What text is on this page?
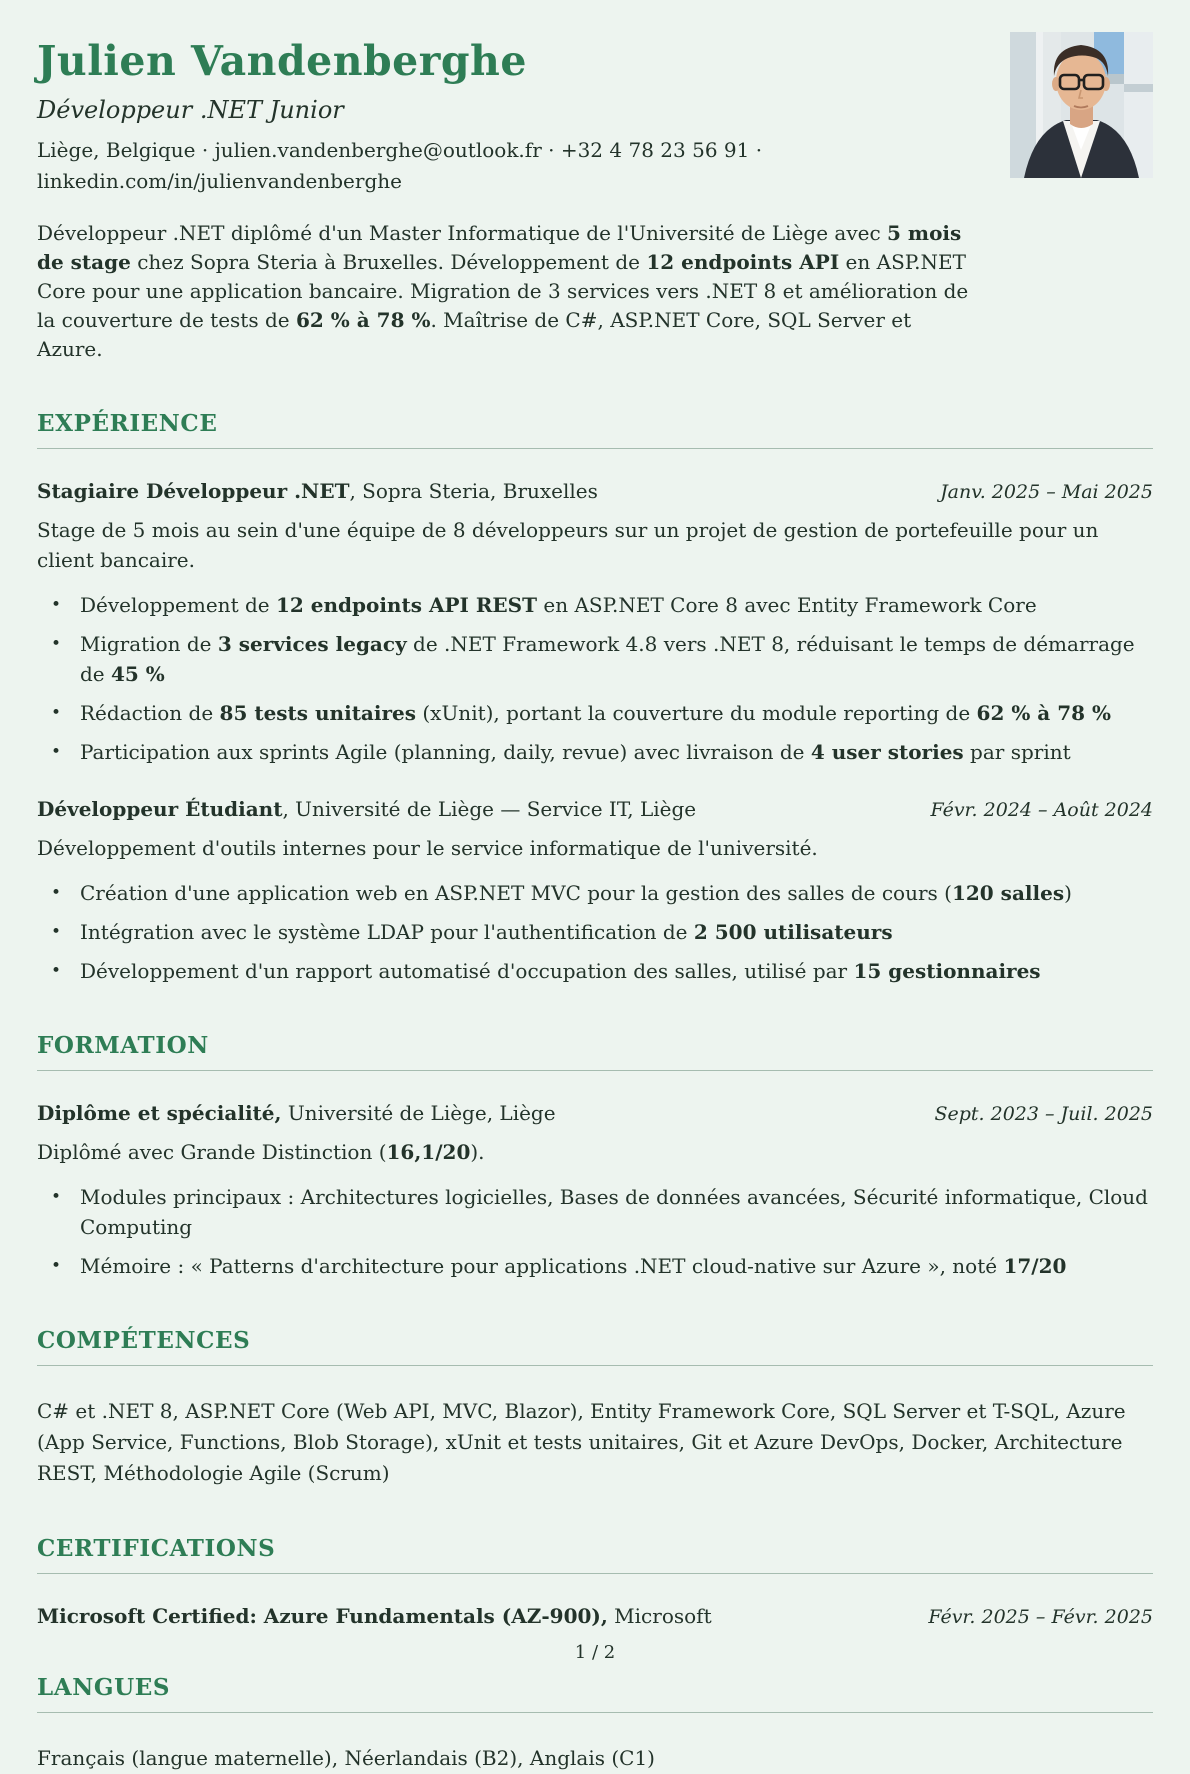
Julien Vandenberghe
Développeur .NET Junior
Liège, Belgique · julien.vandenberghe@outlook.fr · +32 4 78 23 56 91 ·
linkedin.com/in/julienvandenberghe

Développeur .NET diplômé d'un Master Informatique de l'Université de Liège avec 5 mois de stage chez Sopra Steria à Bruxelles. Développement de 12 endpoints API en ASP.NET Core pour une application bancaire. Migration de 3 services vers .NET 8 et amélioration de la couverture de tests de 62 % à 78 %. Maîtrise de C#, ASP.NET Core, SQL Server et Azure.

EXPÉRIENCE
Stagiaire Développeur .NET, Sopra Steria, Bruxelles	Janv. 2025 – Mai 2025

Stage de 5 mois au sein d'une équipe de 8 développeurs sur un projet de gestion de portefeuille pour un client bancaire.

• Développement de 12 endpoints API REST en ASP.NET Core 8 avec Entity Framework Core
• Migration de 3 services legacy de .NET Framework 4.8 vers .NET 8, réduisant le temps de démarrage de 45 %
• Rédaction de 85 tests unitaires (xUnit), portant la couverture du module reporting de 62 % à 78 %
• Participation aux sprints Agile (planning, daily, revue) avec livraison de 4 user stories par sprint
Développeur Étudiant, Université de Liège — Service IT, Liège	Févr. 2024 – Août 2024

Développement d'outils internes pour le service informatique de l'université.

• Création d'une application web en ASP.NET MVC pour la gestion des salles de cours (120 salles)
• Intégration avec le système LDAP pour l'authentification de 2 500 utilisateurs
• Développement d'un rapport automatisé d'occupation des salles, utilisé par 15 gestionnaires
FORMATION
Diplôme et spécialité, Université de Liège, Liège	Sept. 2023 – Juil. 2025

Diplômé avec Grande Distinction (16,1/20).

• Modules principaux : Architectures logicielles, Bases de données avancées, Sécurité informatique, Cloud Computing
• Mémoire : « Patterns d'architecture pour applications .NET cloud-native sur Azure », noté 17/20
COMPÉTENCES

C# et .NET 8, ASP.NET Core (Web API, MVC, Blazor), Entity Framework Core, SQL Server et T-SQL, Azure (App Service, Functions, Blob Storage), xUnit et tests unitaires, Git et Azure DevOps, Docker, Architecture REST, Méthodologie Agile (Scrum)

CERTIFICATIONS
Microsoft Certified: Azure Fundamentals (AZ-900), Microsoft	Févr. 2025 – Févr. 2025
LANGUES

Français (langue maternelle), Néerlandais (B2), Anglais (C1)

1 / 2
